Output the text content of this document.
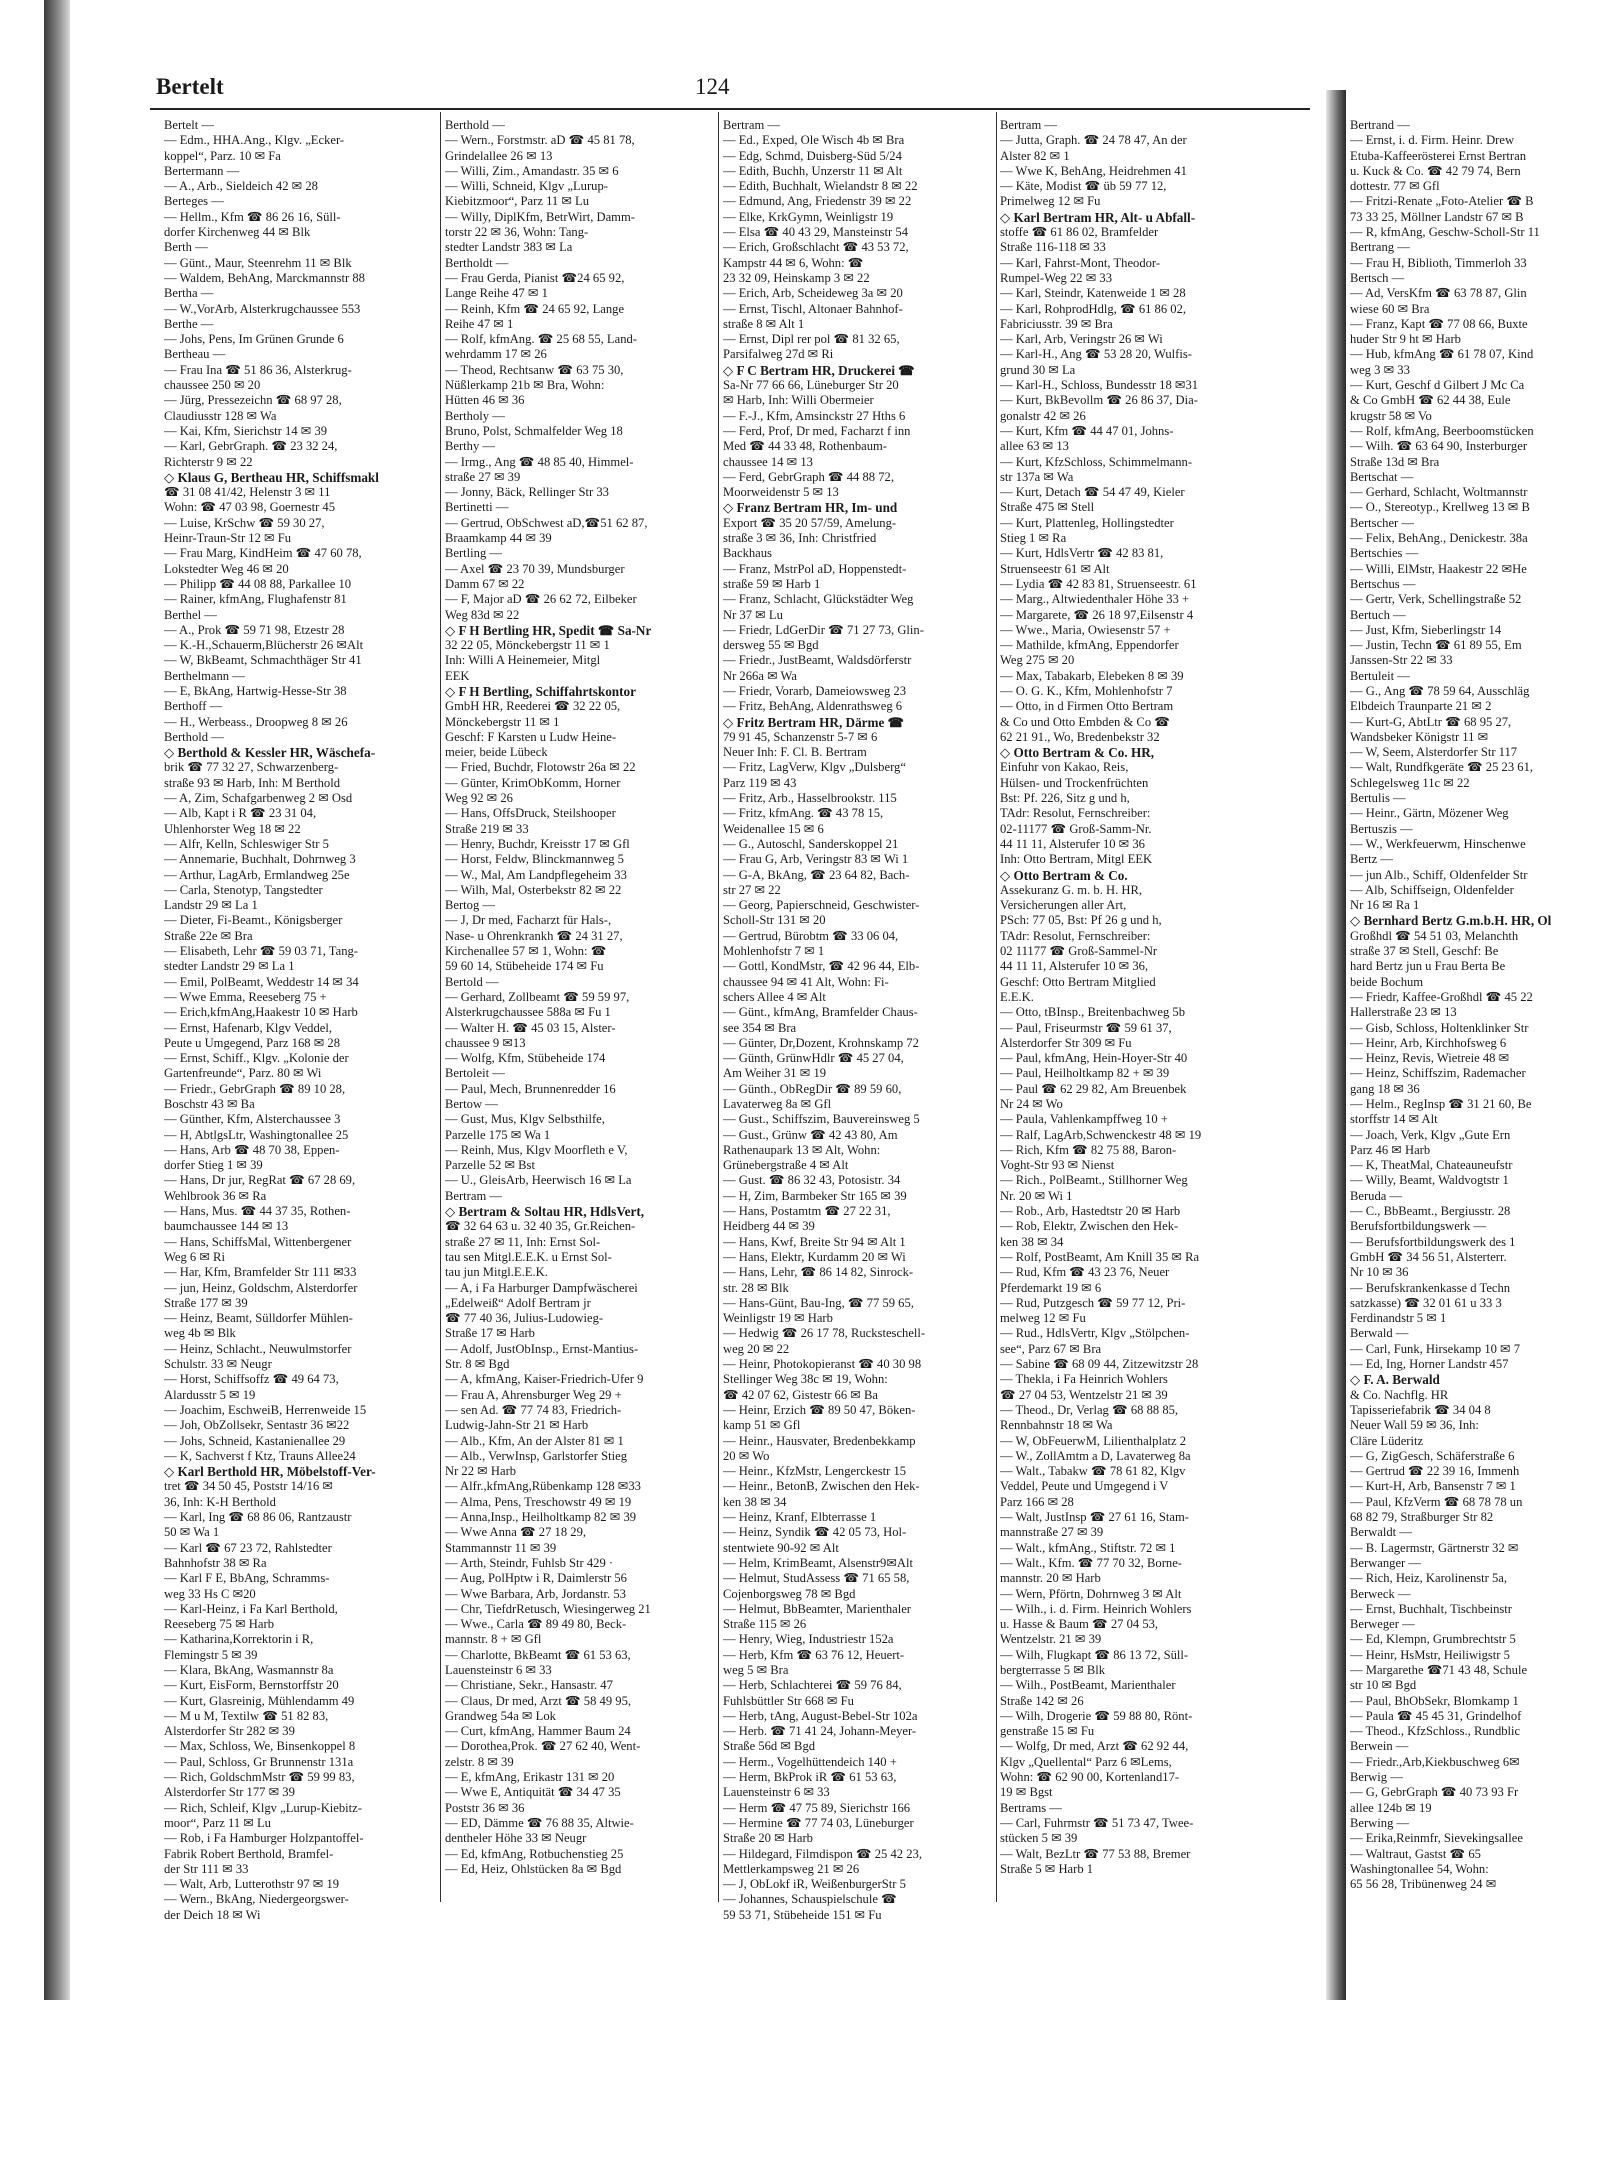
Bertelt	124
Bertelt —
— Edm., HHA.Ang., Klgv. „Ecker-
koppel“, Parz. 10 ✉ Fa
Bertermann —
— A., Arb., Sieldeich 42 ✉ 28
Berteges —
— Hellm., Kfm ☎ 86 26 16, Süll-
dorfer Kirchenweg 44 ✉ Blk
Berth —
— Günt., Maur, Steenrehm 11 ✉ Blk
— Waldem, BehAng, Marckmannstr 88
Bertha —
— W.,VorArb, Alsterkrugchaussee 553
Berthe —
— Johs, Pens, Im Grünen Grunde 6
Bertheau —
— Frau Ina ☎ 51 86 36, Alsterkrug-
chaussee 250 ✉ 20
— Jürg, Pressezeichn ☎ 68 97 28,
Claudiusstr 128 ✉ Wa
— Kai, Kfm, Sierichstr 14 ✉ 39
— Karl, GebrGraph. ☎ 23 32 24,
Richterstr 9 ✉ 22
◇ Klaus G, Bertheau HR, Schiffsmakl
☎ 31 08 41/42, Helenstr 3 ✉ 11
Wohn: ☎ 47 03 98, Goernestr 45
— Luise, KrSchw ☎ 59 30 27,
Heinr-Traun-Str 12 ✉ Fu
— Frau Marg, KindHeim ☎ 47 60 78,
Lokstedter Weg 46 ✉ 20
— Philipp ☎ 44 08 88, Parkallee 10
— Rainer, kfmAng, Flughafenstr 81
Berthel —
— A., Prok ☎ 59 71 98, Etzestr 28
— K.-H.,Schauerm,Blücherstr 26 ✉Alt
— W, BkBeamt, Schmachthäger Str 41
Berthelmann —
— E, BkAng, Hartwig-Hesse-Str 38
Berthoff —
— H., Werbeass., Droopweg 8 ✉ 26
Berthold —
◇ Berthold & Kessler HR, Wäschefa-
brik ☎ 77 32 27, Schwarzenberg-
straße 93 ✉ Harb, Inh: M Berthold
— A, Zim, Schafgarbenweg 2 ✉ Osd
— Alb, Kapt i R ☎ 23 31 04,
Uhlenhorster Weg 18 ✉ 22
— Alfr, Kelln, Schleswiger Str 5
— Annemarie, Buchhalt, Dohrnweg 3
— Arthur, LagArb, Ermlandweg 25e
— Carla, Stenotyp, Tangstedter
Landstr 29 ✉ La 1
— Dieter, Fi-Beamt., Königsberger
Straße 22e ✉ Bra
— Elisabeth, Lehr ☎ 59 03 71, Tang-
stedter Landstr 29 ✉ La 1
— Emil, PolBeamt, Weddestr 14 ✉ 34
— Wwe Emma, Reeseberg 75 +
— Erich,kfmAng,Haakestr 10 ✉ Harb
— Ernst, Hafenarb, Klgv Veddel,
Peute u Umgegend, Parz 168 ✉ 28
— Ernst, Schiff., Klgv. „Kolonie der
Gartenfreunde“, Parz. 80 ✉ Wi
— Friedr., GebrGraph ☎ 89 10 28,
Boschstr 43 ✉ Ba
— Günther, Kfm, Alsterchaussee 3
— H, AbtlgsLtr, Washingtonallee 25
— Hans, Arb ☎ 48 70 38, Eppen-
dorfer Stieg 1 ✉ 39
— Hans, Dr jur, RegRat ☎ 67 28 69,
Wehlbrook 36 ✉ Ra
— Hans, Mus. ☎ 44 37 35, Rothen-
baumchaussee 144 ✉ 13
— Hans, SchiffsMal, Wittenbergener
Weg 6 ✉ Ri
— Har, Kfm, Bramfelder Str 111 ✉33
— jun, Heinz, Goldschm, Alsterdorfer
Straße 177 ✉ 39
— Heinz, Beamt, Sülldorfer Mühlen-
weg 4b ✉ Blk
— Heinz, Schlacht., Neuwulmstorfer
Schulstr. 33 ✉ Neugr
— Horst, Schiffsoffz ☎ 49 64 73,
Alardusstr 5 ✉ 19
— Joachim, EschweiB, Herrenweide 15
— Joh, ObZollsekr, Sentastr 36 ✉22
— Johs, Schneid, Kastanienallee 29
— K, Sachverst f Ktz, Trauns Allee24
◇ Karl Berthold HR, Möbelstoff-Ver-
tret ☎ 34 50 45, Poststr 14/16 ✉
36, Inh: K-H Berthold
— Karl, Ing ☎ 68 86 06, Rantzaustr
50 ✉ Wa 1
— Karl ☎ 67 23 72, Rahlstedter
Bahnhofstr 38 ✉ Ra
— Karl F E, BbAng, Schramms-
weg 33 Hs C ✉20
— Karl-Heinz, i Fa Karl Berthold,
Reeseberg 75 ✉ Harb
— Katharina,Korrektorin i R,
Flemingstr 5 ✉ 39
— Klara, BkAng, Wasmannstr 8a
— Kurt, EisForm, Bernstorffstr 20
— Kurt, Glasreinig, Mühlendamm 49
— M u M, Textilw ☎ 51 82 83,
Alsterdorfer Str 282 ✉ 39
— Max, Schloss, We, Binsenkoppel 8
— Paul, Schloss, Gr Brunnenstr 131a
— Rich, GoldschmMstr ☎ 59 99 83,
Alsterdorfer Str 177 ✉ 39
— Rich, Schleif, Klgv „Lurup-Kiebitz-
moor“, Parz 11 ✉ Lu
— Rob, i Fa Hamburger Holzpantoffel-
Fabrik Robert Berthold, Bramfel-
der Str 111 ✉ 33
— Walt, Arb, Lutterothstr 97 ✉ 19
— Wern., BkAng, Niedergeorgswer-
der Deich 18 ✉ Wi
Berthold —
— Wern., Forstmstr. aD ☎ 45 81 78,
Grindelallee 26 ✉ 13
— Willi, Zim., Amandastr. 35 ✉ 6
— Willi, Schneid, Klgv „Lurup-
Kiebitzmoor“, Parz 11 ✉ Lu
— Willy, DiplKfm, BetrWirt, Damm-
torstr 22 ✉ 36, Wohn: Tang-
stedter Landstr 383 ✉ La
Bertholdt —
— Frau Gerda, Pianist ☎24 65 92,
Lange Reihe 47 ✉ 1
— Reinh, Kfm ☎ 24 65 92, Lange
Reihe 47 ✉ 1
— Rolf, kfmAng. ☎ 25 68 55, Land-
wehrdamm 17 ✉ 26
— Theod, Rechtsanw ☎ 63 75 30,
Nüßlerkamp 21b ✉ Bra, Wohn:
Hütten 46 ✉ 36
Bertholy —
Bruno, Polst, Schmalfelder Weg 18
Berthy —
— Irmg., Ang ☎ 48 85 40, Himmel-
straße 27 ✉ 39
— Jonny, Bäck, Rellinger Str 33
Bertinetti —
— Gertrud, ObSchwest aD,☎51 62 87,
Braamkamp 44 ✉ 39
Bertling —
— Axel ☎ 23 70 39, Mundsburger
Damm 67 ✉ 22
— F, Major aD ☎ 26 62 72, Eilbeker
Weg 83d ✉ 22
◇ F H Bertling HR, Spedit ☎ Sa-Nr
32 22 05, Mönckebergstr 11 ✉ 1
Inh: Willi A Heinemeier, Mitgl
EEK
◇ F H Bertling, Schiffahrtskontor
GmbH HR, Reederei ☎ 32 22 05,
Mönckebergstr 11 ✉ 1
Geschf: F Karsten u Ludw Heine-
meier, beide Lübeck
— Fried, Buchdr, Flotowstr 26a ✉ 22
— Günter, KrimObKomm, Horner
Weg 92 ✉ 26
— Hans, OffsDruck, Steilshooper
Straße 219 ✉ 33
— Henry, Buchdr, Kreisstr 17 ✉ Gfl
— Horst, Feldw, Blinckmannweg 5
— W., Mal, Am Landpflegeheim 33
— Wilh, Mal, Osterbekstr 82 ✉ 22
Bertog —
— J, Dr med, Facharzt für Hals-,
Nase- u Ohrenkrankh ☎ 24 31 27,
Kirchenallee 57 ✉ 1, Wohn: ☎
59 60 14, Stübeheide 174 ✉ Fu
Bertold —
— Gerhard, Zollbeamt ☎ 59 59 97,
Alsterkrugchaussee 588a ✉ Fu 1
— Walter H. ☎ 45 03 15, Alster-
chaussee 9 ✉13
— Wolfg, Kfm, Stübeheide 174
Bertoleit —
— Paul, Mech, Brunnenredder 16
Bertow —
— Gust, Mus, Klgv Selbsthilfe,
Parzelle 175 ✉ Wa 1
— Reinh, Mus, Klgv Moorfleth e V,
Parzelle 52 ✉ Bst
— U., GleisArb, Heerwisch 16 ✉ La
Bertram —
◇ Bertram & Soltau HR, HdlsVert,
☎ 32 64 63 u. 32 40 35, Gr.Reichen-
straße 27 ✉ 11, Inh: Ernst Sol-
tau sen Mitgl.E.E.K. u Ernst Sol-
tau jun Mitgl.E.E.K.
— A, i Fa Harburger Dampfwäscherei
„Edelweiß“ Adolf Bertram jr
☎ 77 40 36, Julius-Ludowieg-
Straße 17 ✉ Harb
— Adolf, JustObInsp., Ernst-Mantius-
Str. 8 ✉ Bgd
— A, kfmAng, Kaiser-Friedrich-Ufer 9
— Frau A, Ahrensburger Weg 29 +
— sen Ad. ☎ 77 74 83, Friedrich-
Ludwig-Jahn-Str 21 ✉ Harb
— Alb., Kfm, An der Alster 81 ✉ 1
— Alb., VerwInsp, Garlstorfer Stieg
Nr 22 ✉ Harb
— Alfr.,kfmAng,Rübenkamp 128 ✉33
— Alma, Pens, Treschowstr 49 ✉ 19
— Anna,Insp., Heilholtkamp 82 ✉ 39
— Wwe Anna ☎ 27 18 29,
Stammannstr 11 ✉ 39
— Arth, Steindr, Fuhlsb Str 429 ·
— Aug, PolHptw i R, Daimlerstr 56
— Wwe Barbara, Arb, Jordanstr. 53
— Chr, TiefdrRetusch, Wiesingerweg 21
— Wwe., Carla ☎ 89 49 80, Beck-
mannstr. 8 + ✉ Gfl
— Charlotte, BkBeamt ☎ 61 53 63,
Lauensteinstr 6 ✉ 33
— Christiane, Sekr., Hansastr. 47
— Claus, Dr med, Arzt ☎ 58 49 95,
Grandweg 54a ✉ Lok
— Curt, kfmAng, Hammer Baum 24
— Dorothea,Prok. ☎ 27 62 40, Went-
zelstr. 8 ✉ 39
— E, kfmAng, Erikastr 131 ✉ 20
— Wwe E, Antiquität ☎ 34 47 35
Poststr 36 ✉ 36
— ED, Dämme ☎ 76 88 35, Altwie-
dentheler Höhe 33 ✉ Neugr
— Ed, kfmAng, Rotbuchenstieg 25
— Ed, Heiz, Ohlstücken 8a ✉ Bgd
Bertram —
— Ed., Exped, Ole Wisch 4b ✉ Bra
— Edg, Schmd, Duisberg-Süd 5/24
— Edith, Buchh, Unzerstr 11 ✉ Alt
— Edith, Buchhalt, Wielandstr 8 ✉ 22
— Edmund, Ang, Friedenstr 39 ✉ 22
— Elke, KrkGymn, Weinligstr 19
— Elsa ☎ 40 43 29, Mansteinstr 54
— Erich, Großschlacht ☎ 43 53 72,
Kampstr 44 ✉ 6, Wohn: ☎
23 32 09, Heinskamp 3 ✉ 22
— Erich, Arb, Scheideweg 3a ✉ 20
— Ernst, Tischl, Altonaer Bahnhof-
straße 8 ✉ Alt 1
— Ernst, Dipl rer pol ☎ 81 32 65,
Parsifalweg 27d ✉ Ri
◇ F C Bertram HR, Druckerei ☎
Sa-Nr 77 66 66, Lüneburger Str 20
✉ Harb, Inh: Willi Obermeier
— F.-J., Kfm, Amsinckstr 27 Hths 6
— Ferd, Prof, Dr med, Facharzt f inn
Med ☎ 44 33 48, Rothenbaum-
chaussee 14 ✉ 13
— Ferd, GebrGraph ☎ 44 88 72,
Moorweidenstr 5 ✉ 13
◇ Franz Bertram HR, Im- und
Export ☎ 35 20 57/59, Amelung-
straße 3 ✉ 36, Inh: Christfried
Backhaus
— Franz, MstrPol aD, Hoppenstedt-
straße 59 ✉ Harb 1
— Franz, Schlacht, Glückstädter Weg
Nr 37 ✉ Lu
— Friedr, LdGerDir ☎ 71 27 73, Glin-
dersweg 55 ✉ Bgd
— Friedr., JustBeamt, Waldsdörferstr
Nr 266a ✉ Wa
— Friedr, Vorarb, Dameiowsweg 23
— Fritz, BehAng, Aldenrathsweg 6
◇ Fritz Bertram HR, Därme ☎
79 91 45, Schanzenstr 5-7 ✉ 6
Neuer Inh: F. Cl. B. Bertram
— Fritz, LagVerw, Klgv „Dulsberg“
Parz 119 ✉ 43
— Fritz, Arb., Hasselbrookstr. 115
— Fritz, kfmAng. ☎ 43 78 15,
Weidenallee 15 ✉ 6
— G., Autoschl, Sanderskoppel 21
— Frau G, Arb, Veringstr 83 ✉ Wi 1
— G-A, BkAng, ☎ 23 64 82, Bach-
str 27 ✉ 22
— Georg, Papierschneid, Geschwister-
Scholl-Str 131 ✉ 20
— Gertrud, Bürobtm ☎ 33 06 04,
Mohlenhofstr 7 ✉ 1
— Gottl, KondMstr, ☎ 42 96 44, Elb-
chaussee 94 ✉ 41 Alt, Wohn: Fi-
schers Allee 4 ✉ Alt
— Günt., kfmAng, Bramfelder Chaus-
see 354 ✉ Bra
— Günter, Dr,Dozent, Krohnskamp 72
— Günth, GrünwHdlr ☎ 45 27 04,
Am Weiher 31 ✉ 19
— Günth., ObRegDir ☎ 89 59 60,
Lavaterweg 8a ✉ Gfl
— Gust., Schiffszim, Bauvereinsweg 5
— Gust., Grünw ☎ 42 43 80, Am
Rathenaupark 13 ✉ Alt, Wohn:
Grünebergstraße 4 ✉ Alt
— Gust. ☎ 86 32 43, Potosistr. 34
— H, Zim, Barmbeker Str 165 ✉ 39
— Hans, Postamtm ☎ 27 22 31,
Heidberg 44 ✉ 39
— Hans, Kwf, Breite Str 94 ✉ Alt 1
— Hans, Elektr, Kurdamm 20 ✉ Wi
— Hans, Lehr, ☎ 86 14 82, Sinrock-
str. 28 ✉ Blk
— Hans-Günt, Bau-Ing, ☎ 77 59 65,
Weinligstr 19 ✉ Harb
— Hedwig ☎ 26 17 78, Rucksteschell-
weg 20 ✉ 22
— Heinr, Photokopieranst ☎ 40 30 98
Stellinger Weg 38c ✉ 19, Wohn:
☎ 42 07 62, Gistestr 66 ✉ Ba
— Heinr, Erzich ☎ 89 50 47, Böken-
kamp 51 ✉ Gfl
— Heinr., Hausvater, Bredenbekkamp
20 ✉ Wo
— Heinr., KfzMstr, Lengerckestr 15
— Heinr., BetonB, Zwischen den Hek-
ken 38 ✉ 34
— Heinz, Kranf, Elbterrasse 1
— Heinz, Syndik ☎ 42 05 73, Hol-
stentwiete 90-92 ✉ Alt
— Helm, KrimBeamt, Alsenstr9✉Alt
— Helmut, StudAssess ☎ 71 65 58,
Cojenborgsweg 78 ✉ Bgd
— Helmut, BbBeamter, Marienthaler
Straße 115 ✉ 26
— Henry, Wieg, Industriestr 152a
— Herb, Kfm ☎ 63 76 12, Heuert-
weg 5 ✉ Bra
— Herb, Schlachterei ☎ 59 76 84,
Fuhlsbüttler Str 668 ✉ Fu
— Herb, tAng, August-Bebel-Str 102a
— Herb. ☎ 71 41 24, Johann-Meyer-
Straße 56d ✉ Bgd
— Herm., Vogelhüttendeich 140 +
— Herm, BkProk iR ☎ 61 53 63,
Lauensteinstr 6 ✉ 33
— Herm ☎ 47 75 89, Sierichstr 166
— Hermine ☎ 77 74 03, Lüneburger
Straße 20 ✉ Harb
— Hildegard, Filmdispon ☎ 25 42 23,
Mettlerkampsweg 21 ✉ 26
— J, ObLokf iR, WeißenburgerStr 5
— Johannes, Schauspielschule ☎
59 53 71, Stübeheide 151 ✉ Fu
Bertram —
— Jutta, Graph. ☎ 24 78 47, An der
Alster 82 ✉ 1
— Wwe K, BehAng, Heidrehmen 41
— Käte, Modist ☎ üb 59 77 12,
Primelweg 12 ✉ Fu
◇ Karl Bertram HR, Alt- u Abfall-
stoffe ☎ 61 86 02, Bramfelder
Straße 116-118 ✉ 33
— Karl, Fahrst-Mont, Theodor-
Rumpel-Weg 22 ✉ 33
— Karl, Steindr, Katenweide 1 ✉ 28
— Karl, RohprodHdlg, ☎ 61 86 02,
Fabriciusstr. 39 ✉ Bra
— Karl, Arb, Veringstr 26 ✉ Wi
— Karl-H., Ang ☎ 53 28 20, Wulfis-
grund 30 ✉ La
— Karl-H., Schloss, Bundesstr 18 ✉31
— Kurt, BkBevollm ☎ 26 86 37, Dia-
gonalstr 42 ✉ 26
— Kurt, Kfm ☎ 44 47 01, Johns-
allee 63 ✉ 13
— Kurt, KfzSchloss, Schimmelmann-
str 137a ✉ Wa
— Kurt, Detach ☎ 54 47 49, Kieler
Straße 475 ✉ Stell
— Kurt, Plattenleg, Hollingstedter
Stieg 1 ✉ Ra
— Kurt, HdlsVertr ☎ 42 83 81,
Struenseestr 61 ✉ Alt
— Lydia ☎ 42 83 81, Struenseestr. 61
— Marg., Altwiedenthaler Höhe 33 +
— Margarete, ☎ 26 18 97,Eilsenstr 4
— Wwe., Maria, Owiesenstr 57 +
— Mathilde, kfmAng, Eppendorfer
Weg 275 ✉ 20
— Max, Tabakarb, Elebeken 8 ✉ 39
— O. G. K., Kfm, Mohlenhofstr 7
— Otto, in d Firmen Otto Bertram
& Co und Otto Embden & Co ☎
62 21 91., Wo, Bredenbekstr 32
◇ Otto Bertram & Co. HR,
Einfuhr von Kakao, Reis,
Hülsen- und Trockenfrüchten
Bst: Pf. 226, Sitz g und h,
TAdr: Resolut, Fernschreiber:
02-11177 ☎ Groß-Samm-Nr.
44 11 11, Alsterufer 10 ✉ 36
Inh: Otto Bertram, Mitgl EEK
◇ Otto Bertram & Co.
Assekuranz G. m. b. H. HR,
Versicherungen aller Art,
PSch: 77 05, Bst: Pf 26 g und h,
TAdr: Resolut, Fernschreiber:
02 11177 ☎ Groß-Sammel-Nr
44 11 11, Alsterufer 10 ✉ 36,
Geschf: Otto Bertram Mitglied
E.E.K.
— Otto, tBInsp., Breitenbachweg 5b
— Paul, Friseurmstr ☎ 59 61 37,
Alsterdorfer Str 309 ✉ Fu
— Paul, kfmAng, Hein-Hoyer-Str 40
— Paul, Heilholtkamp 82 + ✉ 39
— Paul ☎ 62 29 82, Am Breuenbek
Nr 24 ✉ Wo
— Paula, Vahlenkampffweg 10 +
— Ralf, LagArb,Schwenckestr 48 ✉ 19
— Rich, Kfm ☎ 82 75 88, Baron-
Voght-Str 93 ✉ Nienst
— Rich., PolBeamt., Stillhorner Weg
Nr. 20 ✉ Wi 1
— Rob., Arb, Hastedtstr 20 ✉ Harb
— Rob, Elektr, Zwischen den Hek-
ken 38 ✉ 34
— Rolf, PostBeamt, Am Knill 35 ✉ Ra
— Rud, Kfm ☎ 43 23 76, Neuer
Pferdemarkt 19 ✉ 6
— Rud, Putzgesch ☎ 59 77 12, Pri-
melweg 12 ✉ Fu
— Rud., HdlsVertr, Klgv „Stölpchen-
see“, Parz 67 ✉ Bra
— Sabine ☎ 68 09 44, Zitzewitzstr 28
— Thekla, i Fa Heinrich Wohlers
☎ 27 04 53, Wentzelstr 21 ✉ 39
— Theod., Dr, Verlag ☎ 68 88 85,
Rennbahnstr 18 ✉ Wa
— W, ObFeuerwM, Lilienthalplatz 2
— W., ZollAmtm a D, Lavaterweg 8a
— Walt., Tabakw ☎ 78 61 82, Klgv
Veddel, Peute und Umgegend i V
Parz 166 ✉ 28
— Walt, JustInsp ☎ 27 61 16, Stam-
mannstraße 27 ✉ 39
— Walt., kfmAng., Stiftstr. 72 ✉ 1
— Walt., Kfm. ☎ 77 70 32, Borne-
mannstr. 20 ✉ Harb
— Wern, Pförtn, Dohrnweg 3 ✉ Alt
— Wilh., i. d. Firm. Heinrich Wohlers
u. Hasse & Baum ☎ 27 04 53,
Wentzelstr. 21 ✉ 39
— Wilh, Flugkapt ☎ 86 13 72, Süll-
bergterrasse 5 ✉ Blk
— Wilh., PostBeamt, Marienthaler
Straße 142 ✉ 26
— Wilh, Drogerie ☎ 59 88 80, Rönt-
genstraße 15 ✉ Fu
— Wolfg, Dr med, Arzt ☎ 62 92 44,
Klgv „Quellental“ Parz 6 ✉Lems,
Wohn: ☎ 62 90 00, Kortenland17-
19 ✉ Bgst
Bertrams —
— Carl, Fuhrmstr ☎ 51 73 47, Twee-
stücken 5 ✉ 39
— Walt, BezLtr ☎ 77 53 88, Bremer
Straße 5 ✉ Harb 1
Bertrand —
— Ernst, i. d. Firm. Heinr. Drew
Etuba-Kaffeerösterei Ernst Bertran
u. Kuck & Co. ☎ 42 79 74, Bern
dottestr. 77 ✉ Gfl
— Fritzi-Renate „Foto-Atelier ☎ B
73 33 25, Möllner Landstr 67 ✉ B
— R, kfmAng, Geschw-Scholl-Str 11
Bertrang —
— Frau H, Biblioth, Timmerloh 33
Bertsch —
— Ad, VersKfm ☎ 63 78 87, Glin
wiese 60 ✉ Bra
— Franz, Kapt ☎ 77 08 66, Buxte
huder Str 9 ht ✉ Harb
— Hub, kfmAng ☎ 61 78 07, Kind
weg 3 ✉ 33
— Kurt, Geschf d Gilbert J Mc Ca
& Co GmbH ☎ 62 44 38, Eule
krugstr 58 ✉ Vo
— Rolf, kfmAng, Beerboomstücken
— Wilh. ☎ 63 64 90, Insterburger
Straße 13d ✉ Bra
Bertschat —
— Gerhard, Schlacht, Woltmannstr
— O., Stereotyp., Krellweg 13 ✉ B
Bertscher —
— Felix, BehAng., Denickestr. 38a
Bertschies —
— Willi, ElMstr, Haakestr 22 ✉He
Bertschus —
— Gertr, Verk, Schellingstraße 52
Bertuch —
— Just, Kfm, Sieberlingstr 14
— Justin, Techn ☎ 61 89 55, Em
Janssen-Str 22 ✉ 33
Bertuleit —
— G., Ang ☎ 78 59 64, Ausschläg
Elbdeich Traunparte 21 ✉ 2
— Kurt-G, AbtLtr ☎ 68 95 27,
Wandsbeker Königstr 11 ✉
— W, Seem, Alsterdorfer Str 117
— Walt, Rundfkgeräte ☎ 25 23 61,
Schlegelsweg 11c ✉ 22
Bertulis —
— Heinr., Gärtn, Mözener Weg
Bertuszis —
— W., Werkfeuerwm, Hinschenwe
Bertz —
— jun Alb., Schiff, Oldenfelder Str
— Alb, Schiffseign, Oldenfelder
Nr 16 ✉ Ra 1
◇ Bernhard Bertz G.m.b.H. HR, Ol
Großhdl ☎ 54 51 03, Melanchth
straße 37 ✉ Stell, Geschf: Be
hard Bertz jun u Frau Berta Be
beide Bochum
— Friedr, Kaffee-Großhdl ☎ 45 22
Hallerstraße 23 ✉ 13
— Gisb, Schloss, Holtenklinker Str
— Heinr, Arb, Kirchhofsweg 6
— Heinz, Revis, Wietreie 48 ✉
— Heinz, Schiffszim, Rademacher
gang 18 ✉ 36
— Helm., RegInsp ☎ 31 21 60, Be
storffstr 14 ✉ Alt
— Joach, Verk, Klgv „Gute Ern
Parz 46 ✉ Harb
— K, TheatMal, Chateauneufstr
— Willy, Beamt, Waldvogtstr 1
Beruda —
— C., BbBeamt., Bergiusstr. 28
Berufsfortbildungswerk —
— Berufsfortbildungswerk des 1
GmbH ☎ 34 56 51, Alsterterr.
Nr 10 ✉ 36
— Berufskrankenkasse d Techn
satzkasse) ☎ 32 01 61 u 33 3
Ferdinandstr 5 ✉ 1
Berwald —
— Carl, Funk, Hirsekamp 10 ✉ 7
— Ed, Ing, Horner Landstr 457
◇ F. A. Berwald
& Co. Nachflg. HR
Tapisseriefabrik ☎ 34 04 8
Neuer Wall 59 ✉ 36, Inh:
Cläre Lüderitz
— G, ZigGesch, Schäferstraße 6
— Gertrud ☎ 22 39 16, Immenh
— Kurt-H, Arb, Bansenstr 7 ✉ 1
— Paul, KfzVerm ☎ 68 78 78 un
68 82 79, Straßburger Str 82
Berwaldt —
— B. Lagermstr, Gärtnerstr 32 ✉
Berwanger —
— Rich, Heiz, Karolinenstr 5a,
Berweck —
— Ernst, Buchhalt, Tischbeinstr
Berweger —
— Ed, Klempn, Grumbrechtstr 5
— Heinr, HsMstr, Heiliwigstr 5
— Margarethe ☎71 43 48, Schule
str 10 ✉ Bgd
— Paul, BhObSekr, Blomkamp 1
— Paula ☎ 45 45 31, Grindelhof
— Theod., KfzSchloss., Rundblic
Berwein —
— Friedr.,Arb,Kiekbuschweg 6✉
Berwig —
— G, GebrGraph ☎ 40 73 93 Fr
allee 124b ✉ 19
Berwing —
— Erika,Reinmfr, Sievekingsallee
— Waltraut, Gastst ☎ 65
Washingtonallee 54, Wohn:
65 56 28, Tribünenweg 24 ✉
